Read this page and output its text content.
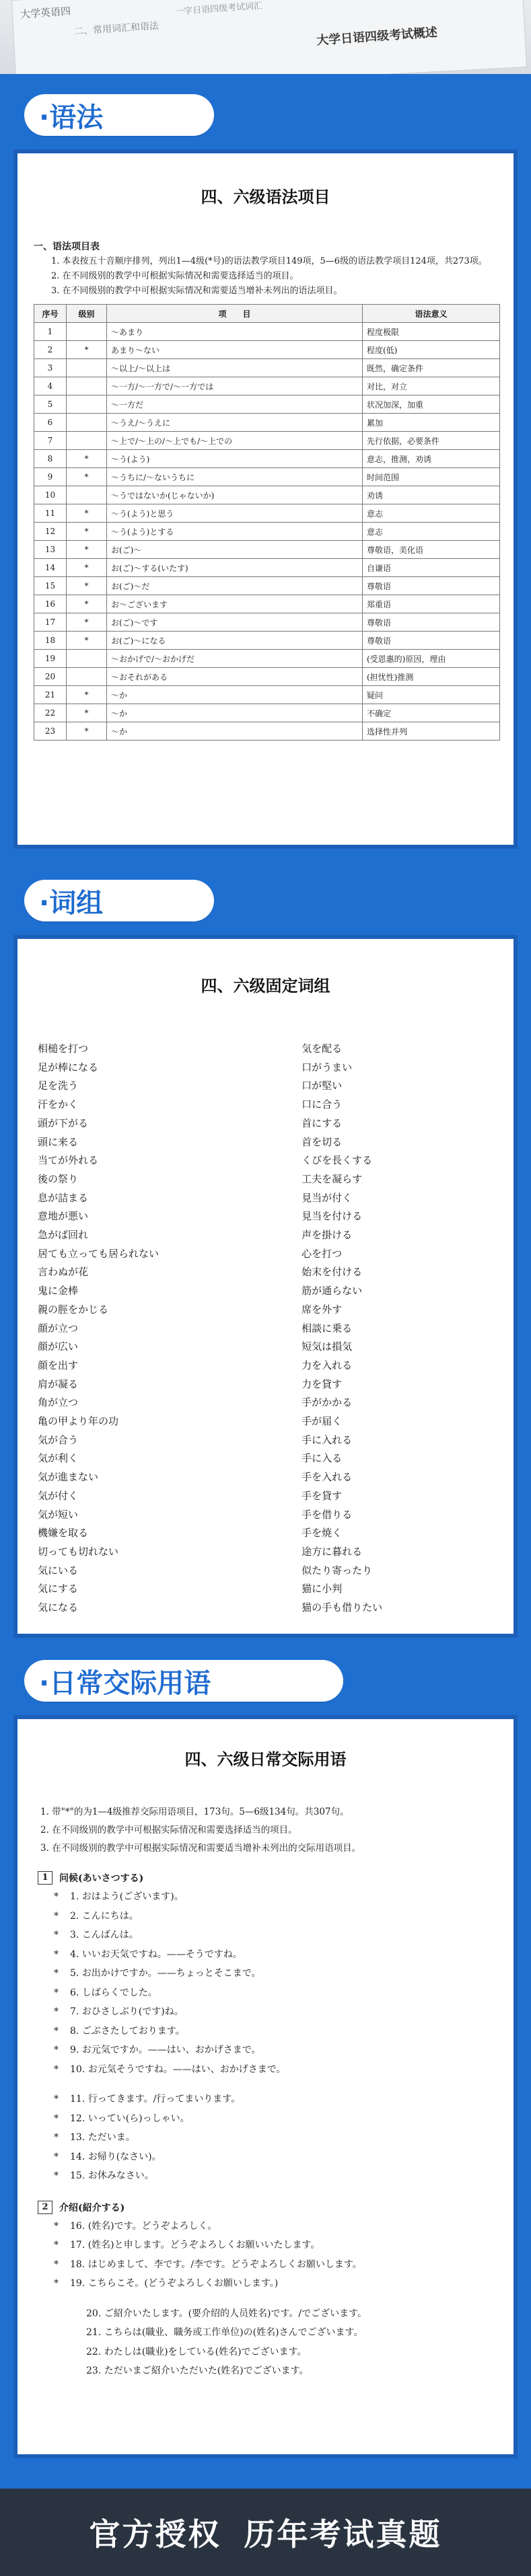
大学英语四	一字日语四级考试词汇
二、常用词汇和语法	大学日语四级考试概述
·语法
四、六级语法项目
一、语法项目表

1. 本表按五十音顺序排列，列出1—4级(*号)的语法教学项目149项，5—6级的语法教学项目124项，共273项。

2. 在不同级别的教学中可根据实际情况和需要选择适当的项目。

3. 在不同级别的教学中可根据实际情况和需要适当增补未列出的语法项目。

序号	级别	项　　目	语法意义
1		～あまり	程度极限
2	*	あまり～ない	程度(低)
3		～以上/～以上は	既然，确定条件
4		～一方/～一方で/～一方では	对比，对立
5		～一方だ	状况加深，加重
6		～うえ/～うえに	累加
7		～上で/～上の/～上でも/～上での	先行依据，必要条件
8	*	～う(よう)	意志，推测，劝诱
9	*	～うちに/～ないうちに	时间范围
10		～うではないか(じゃないか)	劝诱
11	*	～う(よう)と思う	意志
12	*	～う(よう)とする	意志
13	*	お(ご)～	尊敬语，美化语
14	*	お(ご)～する(いたす)	自谦语
15	*	お(ご)～だ	尊敬语
16	*	お～ございます	郑重语
17	*	お(ご)～です	尊敬语
18	*	お(ご)～になる	尊敬语
19		～おかげで/～おかげだ	(受恩惠的)原因，理由
20		～おそれがある	(担忧性)推测
21	*	～か	疑问
22	*	～か	不确定
23	*	～か	选择性并列
·词组
四、六级固定词组
相槌を打つ
足が棒になる
足を洗う
汗をかく
頭が下がる
頭に来る
当てが外れる
後の祭り
息が詰まる
意地が悪い
急がば回れ
居ても立っても居られない
言わぬが花
鬼に金棒
親の脛をかじる
顔が立つ
顔が広い
顔を出す
肩が凝る
角が立つ
亀の甲より年の功
気が合う
気が利く
気が進まない
気が付く
気が短い
機嫌を取る
切っても切れない
気にいる
気にする
気になる
気を配る
口がうまい
口が堅い
口に合う
首にする
首を切る
くびを長くする
工夫を凝らす
見当が付く
見当を付ける
声を掛ける
心を打つ
始末を付ける
筋が通らない
席を外す
相談に乗る
短気は損気
力を入れる
力を貸す
手がかかる
手が届く
手に入れる
手に入る
手を入れる
手を貸す
手を借りる
手を焼く
途方に暮れる
似たり寄ったり
猫に小判
猫の手も借りたい
·日常交际用语
四、六级日常交际用语
1. 带"*"的为1—4级推荐交际用语项目，173句。5—6级134句。共307句。
2. 在不同级别的教学中可根据实际情况和需要选择适当的项目。
3. 在不同级别的教学中可根据实际情况和需要适当增补未列出的交际用语项目。
1	问候(あいさつする)
* 1. おはよう(ございます)。
* 2. こんにちは。
* 3. こんばんは。
* 4. いいお天気ですね。——そうですね。
* 5. お出かけですか。——ちょっとそこまで。
* 6. しばらくでした。
* 7. おひさしぶり(です)ね。
* 8. ごぶさたしております。
* 9. お元気ですか。——はい、おかげさまで。
* 10. お元気そうですね。——はい、おかげさまで。
* 11. 行ってきます。/行ってまいります。
* 12. いってい(ら)っしゃい。
* 13. ただいま。
* 14. お帰り(なさい)。
* 15. お休みなさい。
2	介绍(紹介する)
* 16. (姓名)です。どうぞよろしく。
* 17. (姓名)と申します。どうぞよろしくお願いいたします。
* 18. はじめまして、李です。/李です。どうぞよろしくお願いします。
* 19. こちらこそ。(どうぞよろしくお願いします。)
20. ご紹介いたします。(要介绍的人员姓名)です。/でございます。
21. こちらは(職业、職务或工作单位)の(姓名)さんでございます。
22. わたしは(職业)をしている(姓名)でございます。
23. ただいまご紹介いただいた(姓名)でございます。
官方授权 历年考试真题
